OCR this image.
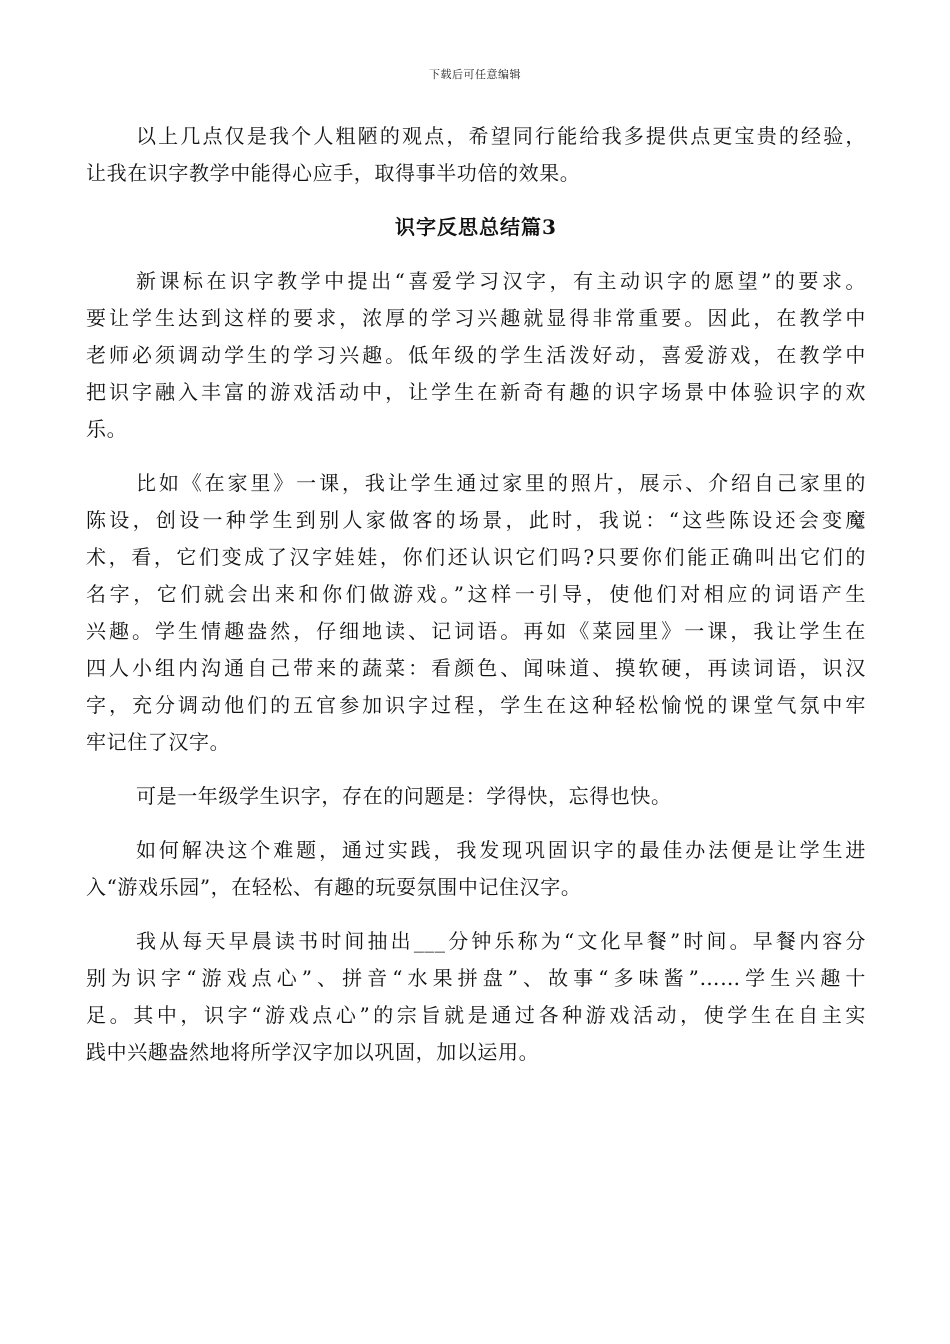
下载后可任意编辑
以上几点仅是我个人粗陋的观点，希望同行能给我多提供点更宝贵的经验，
让我在识字教学中能得心应手，取得事半功倍的效果。
识字反思总结篇3
新课标在识字教学中提出“喜爱学习汉字，有主动识字的愿望”的要求。
要让学生达到这样的要求，浓厚的学习兴趣就显得非常重要。因此，在教学中
老师必须调动学生的学习兴趣。低年级的学生活泼好动，喜爱游戏，在教学中
把识字融入丰富的游戏活动中，让学生在新奇有趣的识字场景中体验识字的欢
乐。
比如《在家里》一课，我让学生通过家里的照片，展示、介绍自己家里的
陈设，创设一种学生到别人家做客的场景，此时，我说：“这些陈设还会变魔
术，看，它们变成了汉字娃娃，你们还认识它们吗?只要你们能正确叫出它们的
名字，它们就会出来和你们做游戏。”这样一引导，使他们对相应的词语产生
兴趣。学生情趣盎然，仔细地读、记词语。再如《菜园里》一课，我让学生在
四人小组内沟通自己带来的蔬菜：看颜色、闻味道、摸软硬，再读词语，识汉
字，充分调动他们的五官参加识字过程，学生在这种轻松愉悦的课堂气氛中牢
牢记住了汉字。
可是一年级学生识字，存在的问题是：学得快，忘得也快。
如何解决这个难题，通过实践，我发现巩固识字的最佳办法便是让学生进
入“游戏乐园”，在轻松、有趣的玩耍氛围中记住汉字。
我从每天早晨读书时间抽出___分钟乐称为“文化早餐”时间。早餐内容分
别为识字“游戏点心”、拼音“水果拼盘”、故事“多味酱”……学生兴趣十
足。其中，识字“游戏点心”的宗旨就是通过各种游戏活动，使学生在自主实
践中兴趣盎然地将所学汉字加以巩固，加以运用。
